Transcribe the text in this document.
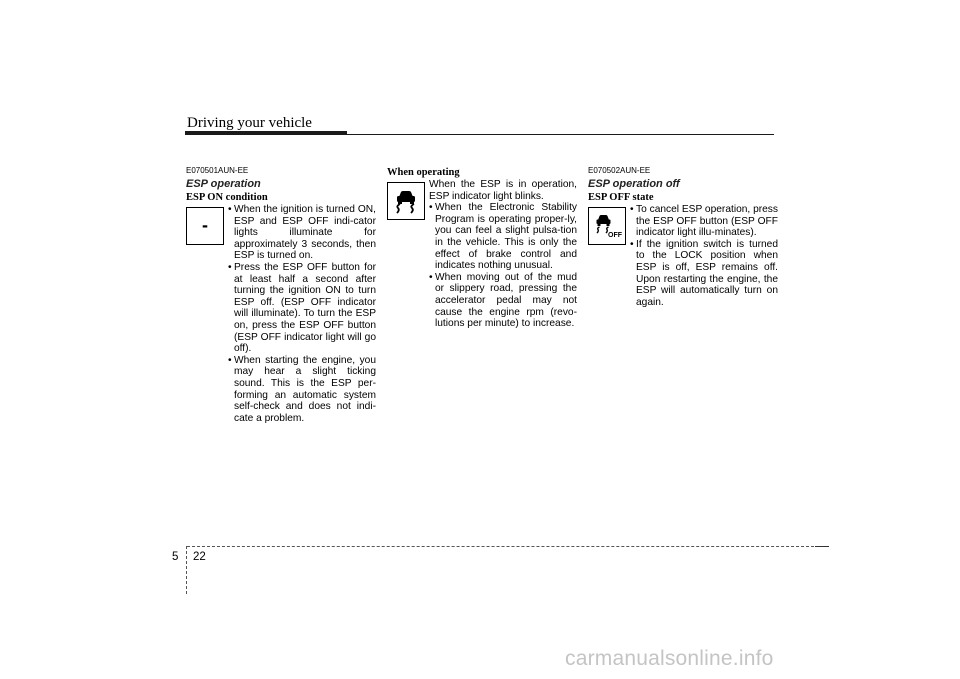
Driving your vehicle
E070501AUN-EE
ESP operation
ESP ON condition
-
• When the ignition is turned ON, ESP and ESP OFF indi-cator lights illuminate for approximately 3 seconds, then ESP is turned on.
• Press the ESP OFF button for at least half a second after turning the ignition ON to turn ESP off. (ESP OFF indicator will illuminate). To turn the ESP on, press the ESP OFF button (ESP OFF indicator light will go off).
• When starting the engine, you may hear a slight ticking sound. This is the ESP per-forming an automatic system self-check and does not indi-cate a problem.
When operating
When the ESP is in operation, ESP indicator light blinks.
• When the Electronic Stability Program is operating proper-ly, you can feel a slight pulsa-tion in the vehicle. This is only the effect of brake control and indicates nothing unusual.
• When moving out of the mud or slippery road, pressing the accelerator pedal may not cause the engine rpm (revo-lutions per minute) to increase.
E070502AUN-EE
ESP operation off
ESP OFF state
OFF
• To cancel ESP operation, press the ESP OFF button (ESP OFF indicator light illu-minates).
• If the ignition switch is turned to the LOCK position when ESP is off, ESP remains off. Upon restarting the engine, the ESP will automatically turn on again.
5 22
carmanualsonline.info
